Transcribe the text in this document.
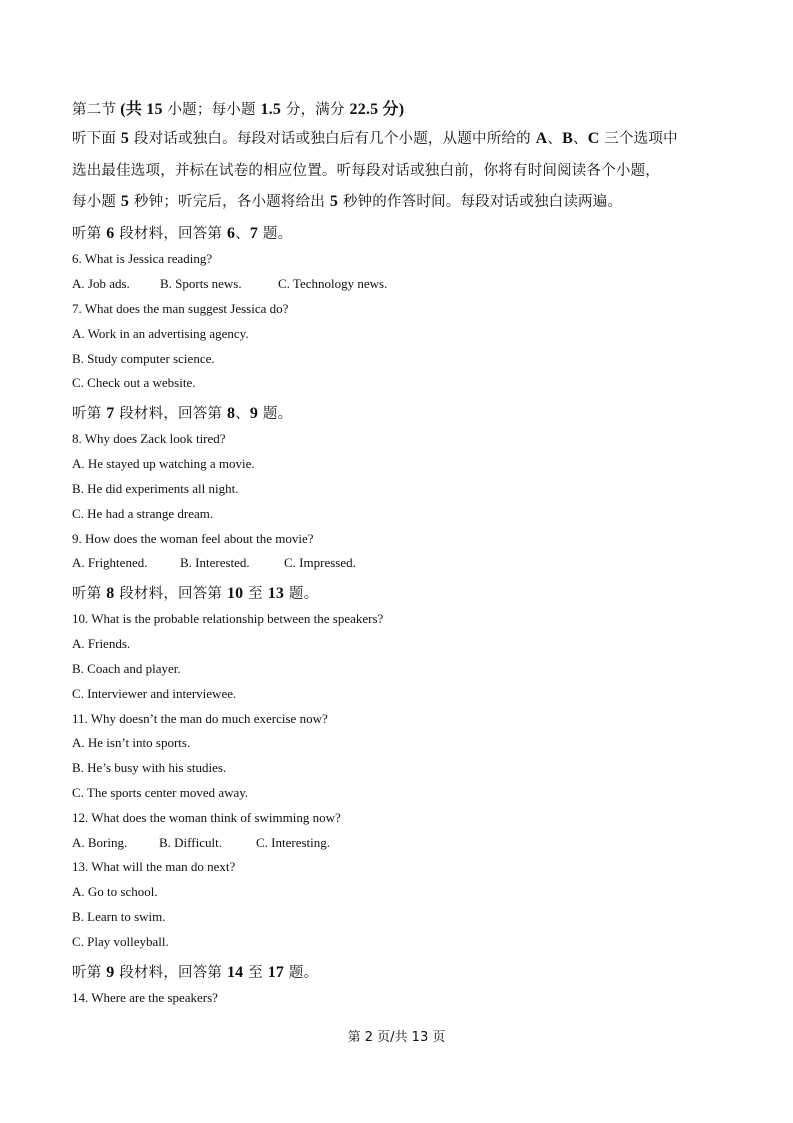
第二节 (共 15 小题；每小题 1.5 分，满分 22.5 分)
听下面 5 段对话或独白。每段对话或独白后有几个小题，从题中所给的 A、B、C 三个选项中
选出最佳选项，并标在试卷的相应位置。听每段对话或独白前，你将有时间阅读各个小题，
每小题 5 秒钟；听完后，各小题将给出 5 秒钟的作答时间。每段对话或独白读两遍。
听第 6 段材料，回答第 6、7 题。
6. What is Jessica reading?
A. Job ads. B. Sports news.	C. Technology news.
7. What does the man suggest Jessica do?
A. Work in an advertising agency.
B. Study computer science.
C. Check out a website.
听第 7 段材料，回答第 8、9 题。
8. Why does Zack look tired?
A. He stayed up watching a movie.
B. He did experiments all night.
C. He had a strange dream.
9. How does the woman feel about the movie?
A. Frightened.	B. Interested.	C. Impressed.
听第 8 段材料，回答第 10 至 13 题。
10. What is the probable relationship between the speakers?
A. Friends.
B. Coach and player.
C. Interviewer and interviewee.
11. Why doesn’t the man do much exercise now?
A. He isn’t into sports.
B. He’s busy with his studies.
C. The sports center moved away.
12. What does the woman think of swimming now?
A. Boring. B. Difficult.	C. Interesting.
13. What will the man do next?
A. Go to school.
B. Learn to swim.
C. Play volleyball.
听第 9 段材料，回答第 14 至 17 题。
14. Where are the speakers?
第 2 页/共 13 页
